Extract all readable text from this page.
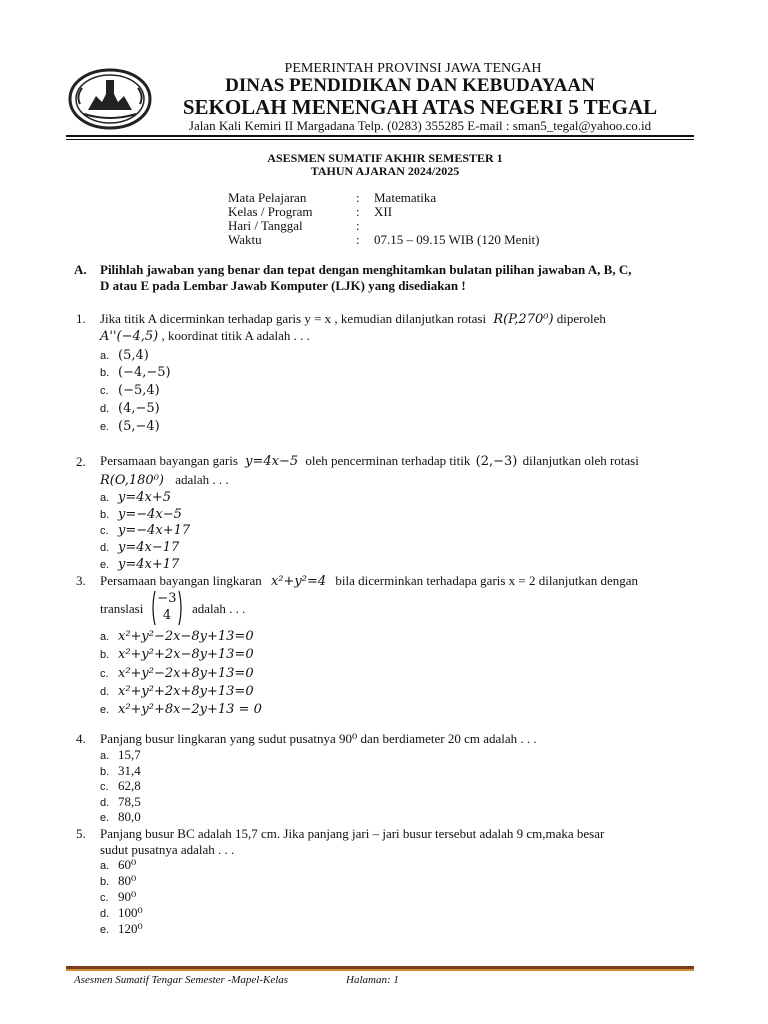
PEMERINTAH PROVINSI JAWA TENGAH
DINAS PENDIDIKAN DAN KEBUDAYAAN
SEKOLAH MENENGAH ATAS NEGERI 5 TEGAL
Jalan Kali Kemiri II Margadana Telp. (0283) 355285 E-mail : sman5_tegal@yahoo.co.id
ASESMEN SUMATIF AKHIR SEMESTER 1
TAHUN AJARAN 2024/2025
Mata Pelajaran	:	Matematika
Kelas / Program	:	XII
Hari / Tanggal	:	
Waktu	:	07.15 – 09.15 WIB (120 Menit)
A. Pilihlah jawaban yang benar dan tepat dengan menghitamkan bulatan pilihan jawaban A, B, C,
D atau E pada Lembar Jawab Komputer (LJK) yang disediakan !
1. Jika titik A dicerminkan terhadap garis y = x , kemudian dilanjutkan rotasi R(P,270⁰) diperoleh
A''(−4,5) , koordinat titik A adalah . . .
a. (5,4)
b. (−4,−5)
c. (−5,4)
d. (4,−5)
e. (5,−4)
2. Persamaan bayangan garis y=4x−5 oleh pencerminan terhadap titik (2,−3) dilanjutkan oleh rotasi
R(O,180⁰) adalah . . .
a. y=4x+5
b. y=−4x−5
c. y=−4x+17
d. y=4x−17
e. y=4x+17
3. Persamaan bayangan lingkaran x²+y²=4 bila dicerminkan terhadapa garis x = 2 dilanjutkan dengan
translasi
−3
4	adalah . . .
a. x²+y²−2x−8y+13=0
b. x²+y²+2x−8y+13=0
c. x²+y²−2x+8y+13=0
d. x²+y²+2x+8y+13=0
e. x²+y²+8x−2y+13 = 0
4. Panjang busur lingkaran yang sudut pusatnya 90⁰ dan berdiameter 20 cm adalah . . .
a. 15,7
b. 31,4
c. 62,8
d. 78,5
e. 80,0
5. Panjang busur BC adalah 15,7 cm. Jika panjang jari – jari busur tersebut adalah 9 cm,maka besar
sudut pusatnya adalah . . .
a. 60⁰
b. 80⁰
c. 90⁰
d. 100⁰
e. 120⁰
Asesmen Sumatif Tengar Semester -Mapel-Kelas	Halaman: 1
